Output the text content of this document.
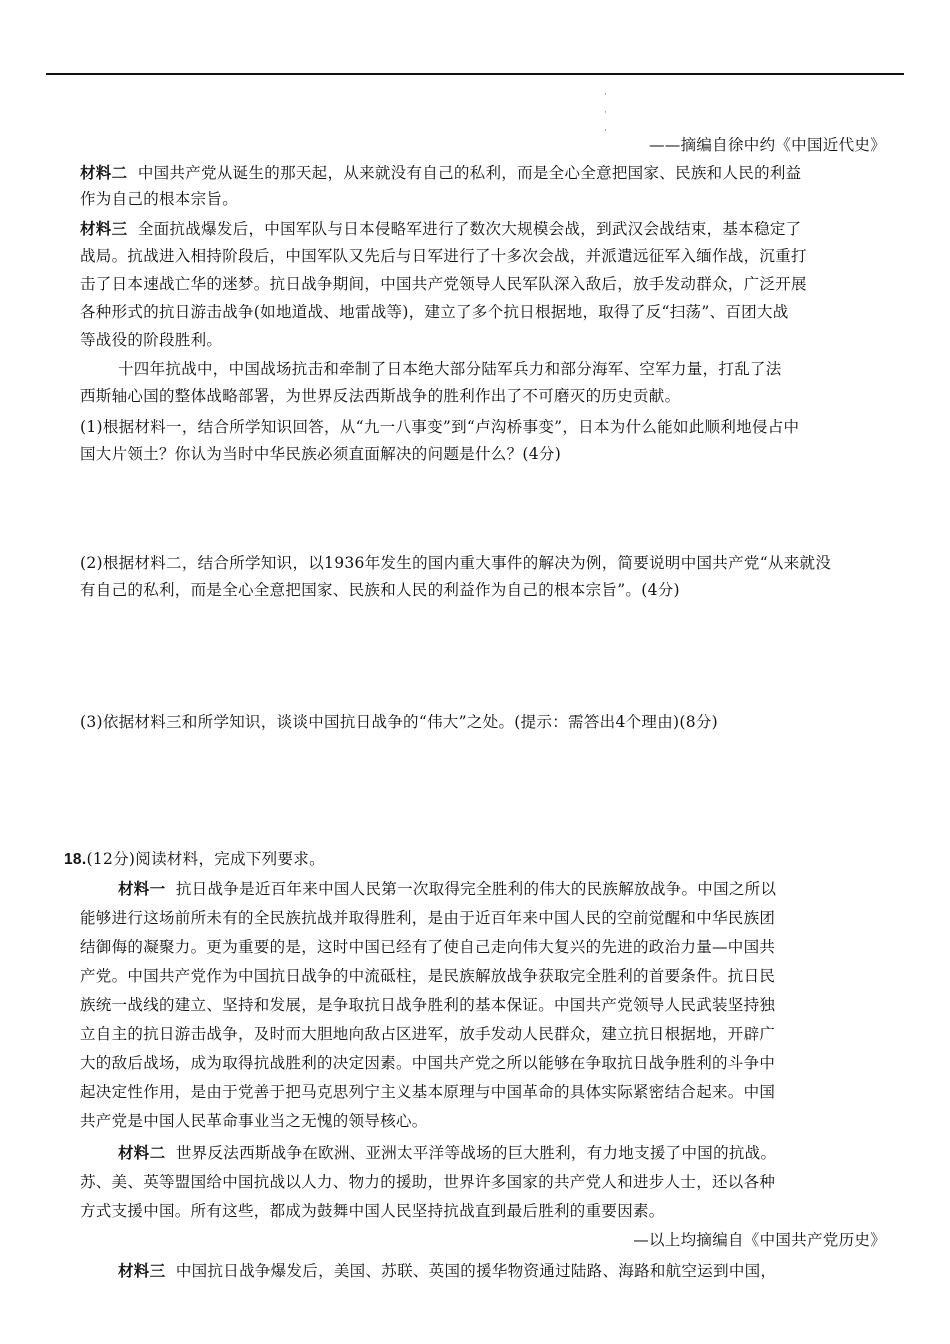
·
·
·
——摘编自徐中约《中国近代史》
材料二 中国共产党从诞生的那天起，从来就没有自己的私利，而是全心全意把国家、民族和人民的利益
作为自己的根本宗旨。
材料三 全面抗战爆发后，中国军队与日本侵略军进行了数次大规模会战，到武汉会战结束，基本稳定了
战局。抗战进入相持阶段后，中国军队又先后与日军进行了十多次会战，并派遣远征军入缅作战，沉重打
击了日本速战亡华的迷梦。抗日战争期间，中国共产党领导人民军队深入敌后，放手发动群众，广泛开展
各种形式的抗日游击战争(如地道战、地雷战等)，建立了多个抗日根据地，取得了反“扫荡”、百团大战
等战役的阶段胜利。
十四年抗战中，中国战场抗击和牵制了日本绝大部分陆军兵力和部分海军、空军力量，打乱了法
西斯轴心国的整体战略部署，为世界反法西斯战争的胜利作出了不可磨灭的历史贡献。
(1)根据材料一，结合所学知识回答，从“九一八事变”到“卢沟桥事变”，日本为什么能如此顺利地侵占中
国大片领土？你认为当时中华民族必须直面解决的问题是什么？(4分)
(2)根据材料二，结合所学知识，以1936年发生的国内重大事件的解决为例，简要说明中国共产党“从来就没
有自己的私利，而是全心全意把国家、民族和人民的利益作为自己的根本宗旨”。(4分)
(3)依据材料三和所学知识，谈谈中国抗日战争的“伟大”之处。(提示：需答出4个理由)(8分)
18.(12分)阅读材料，完成下列要求。
材料一 抗日战争是近百年来中国人民第一次取得完全胜利的伟大的民族解放战争。中国之所以
能够进行这场前所未有的全民族抗战并取得胜利，是由于近百年来中国人民的空前觉醒和中华民族团
结御侮的凝聚力。更为重要的是，这时中国已经有了使自己走向伟大复兴的先进的政治力量—中国共
产党。中国共产党作为中国抗日战争的中流砥柱，是民族解放战争获取完全胜利的首要条件。抗日民
族统一战线的建立、坚持和发展，是争取抗日战争胜利的基本保证。中国共产党领导人民武装坚持独
立自主的抗日游击战争，及时而大胆地向敌占区进军，放手发动人民群众，建立抗日根据地，开辟广
大的敌后战场，成为取得抗战胜利的决定因素。中国共产党之所以能够在争取抗日战争胜利的斗争中
起决定性作用，是由于党善于把马克思列宁主义基本原理与中国革命的具体实际紧密结合起来。中国
共产党是中国人民革命事业当之无愧的领导核心。
材料二 世界反法西斯战争在欧洲、亚洲太平洋等战场的巨大胜利，有力地支援了中国的抗战。
苏、美、英等盟国给中国抗战以人力、物力的援助，世界许多国家的共产党人和进步人士，还以各种
方式支援中国。所有这些，都成为鼓舞中国人民坚持抗战直到最后胜利的重要因素。
—以上均摘编自《中国共产党历史》
材料三 中国抗日战争爆发后，美国、苏联、英国的援华物资通过陆路、海路和航空运到中国，
